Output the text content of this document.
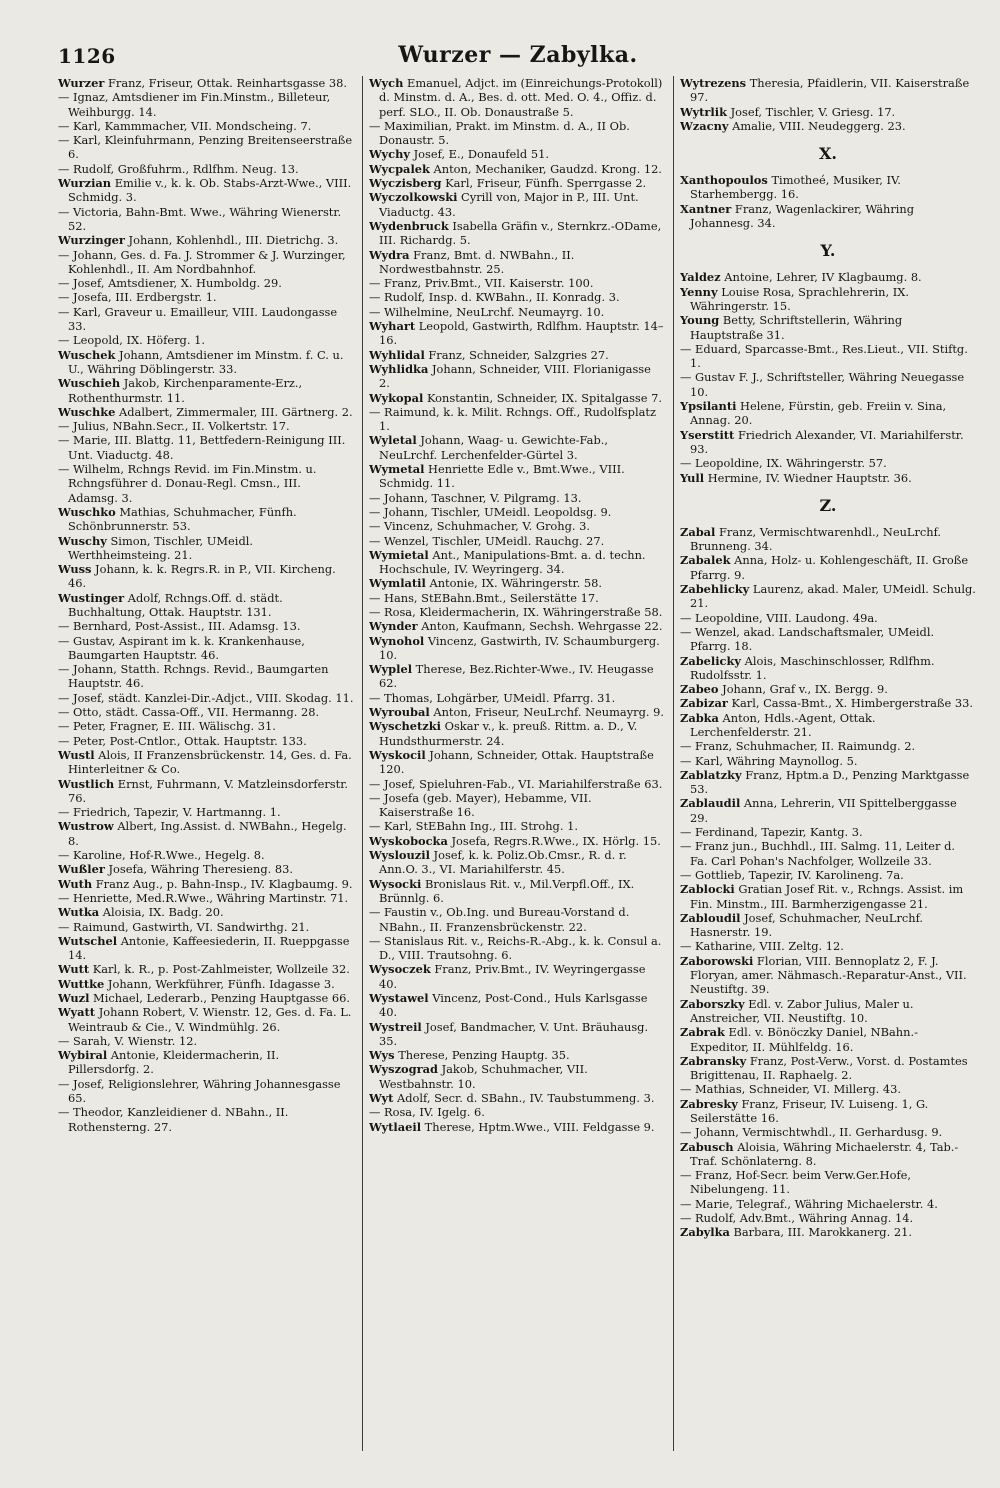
1126	Wurzer — Zabylka.

Wurzer Franz, Friseur, Ottak. Reinhartsgasse 38.

— Ignaz, Amtsdiener im Fin.Minstm., Billeteur, Weihburgg. 14.

— Karl, Kammmacher, VII. Mondscheing. 7.

— Karl, Kleinfuhrmann, Penzing Breitenseerstraße 6.

— Rudolf, Großfuhrm., Rdlfhm. Neug. 13.

Wurzian Emilie v., k. k. Ob. Stabs-Arzt-Wwe., VIII. Schmidg. 3.

— Victoria, Bahn-Bmt. Wwe., Währing Wienerstr. 52.

Wurzinger Johann, Kohlenhdl., III. Dietrichg. 3.

— Johann, Ges. d. Fa. J. Strommer & J. Wurzinger, Kohlenhdl., II. Am Nordbahnhof.

— Josef, Amtsdiener, X. Humboldg. 29.

— Josefa, III. Erdbergstr. 1.

— Karl, Graveur u. Emailleur, VIII. Laudongasse 33.

— Leopold, IX. Höferg. 1.

Wuschek Johann, Amtsdiener im Minstm. f. C. u. U., Währing Döblingerstr. 33.

Wuschieh Jakob, Kirchenparamente-Erz., Rothenthurmstr. 11.

Wuschke Adalbert, Zimmermaler, III. Gärtnerg. 2.

— Julius, NBahn.Secr., II. Volkertstr. 17.

— Marie, III. Blattg. 11, Bettfedern-Reinigung III. Unt. Viaductg. 48.

— Wilhelm, Rchngs Revid. im Fin.Minstm. u. Rchngsführer d. Donau-Regl. Cmsn., III. Adamsg. 3.

Wuschko Mathias, Schuhmacher, Fünfh. Schönbrunnerstr. 53.

Wuschy Simon, Tischler, UMeidl. Werthheimsteing. 21.

Wuss Johann, k. k. Regrs.R. in P., VII. Kircheng. 46.

Wustinger Adolf, Rchngs.Off. d. städt. Buchhaltung, Ottak. Hauptstr. 131.

— Bernhard, Post-Assist., III. Adamsg. 13.

— Gustav, Aspirant im k. k. Krankenhause, Baumgarten Hauptstr. 46.

— Johann, Statth. Rchngs. Revid., Baumgarten Hauptstr. 46.

— Josef, städt. Kanzlei-Dir.-Adjct., VIII. Skodag. 11.

— Otto, städt. Cassa-Off., VII. Hermanng. 28.

— Peter, Fragner, E. III. Wälischg. 31.

— Peter, Post-Cntlor., Ottak. Hauptstr. 133.

Wustl Alois, II Franzensbrückenstr. 14, Ges. d. Fa. Hinterleitner & Co.

Wustlich Ernst, Fuhrmann, V. Matzleinsdorferstr. 76.

— Friedrich, Tapezir, V. Hartmanng. 1.

Wustrow Albert, Ing.Assist. d. NWBahn., Hegelg. 8.

— Karoline, Hof-R.Wwe., Hegelg. 8.

Wußler Josefa, Währing Theresieng. 83.

Wuth Franz Aug., p. Bahn-Insp., IV. Klagbaumg. 9.

— Henriette, Med.R.Wwe., Währing Martinstr. 71.

Wutka Aloisia, IX. Badg. 20.

— Raimund, Gastwirth, VI. Sandwirthg. 21.

Wutschel Antonie, Kaffeesiederin, II. Rueppgasse 14.

Wutt Karl, k. R., p. Post-Zahlmeister, Wollzeile 32.

Wuttke Johann, Werkführer, Fünfh. Idagasse 3.

Wuzl Michael, Lederarb., Penzing Hauptgasse 66.

Wyatt Johann Robert, V. Wienstr. 12, Ges. d. Fa. L. Weintraub & Cie., V. Windmühlg. 26.

— Sarah, V. Wienstr. 12.

Wybiral Antonie, Kleidermacherin, II. Pillersdorfg. 2.

— Josef, Religionslehrer, Währing Johannesgasse 65.

— Theodor, Kanzleidiener d. NBahn., II. Rothensterng. 27.

Wych Emanuel, Adjct. im (Einreichungs-Protokoll) d. Minstm. d. A., Bes. d. ott. Med. O. 4., Offiz. d. perf. SLO., II. Ob. Donaustraße 5.

— Maximilian, Prakt. im Minstm. d. A., II Ob. Donaustr. 5.

Wychy Josef, E., Donaufeld 51.

Wycpalek Anton, Mechaniker, Gaudzd. Krong. 12.

Wyczisberg Karl, Friseur, Fünfh. Sperrgasse 2.

Wyczolkowski Cyrill von, Major in P., III. Unt. Viaductg. 43.

Wydenbruck Isabella Gräfin v., Sternkrz.-ODame, III. Richardg. 5.

Wydra Franz, Bmt. d. NWBahn., II. Nordwestbahnstr. 25.

— Franz, Priv.Bmt., VII. Kaiserstr. 100.

— Rudolf, Insp. d. KWBahn., II. Konradg. 3.

— Wilhelmine, NeuLrchf. Neumayrg. 10.

Wyhart Leopold, Gastwirth, Rdlfhm. Hauptstr. 14–16.

Wyhlidal Franz, Schneider, Salzgries 27.

Wyhlidka Johann, Schneider, VIII. Florianigasse 2.

Wykopal Konstantin, Schneider, IX. Spitalgasse 7.

— Raimund, k. k. Milit. Rchngs. Off., Rudolfsplatz 1.

Wyletal Johann, Waag- u. Gewichte-Fab., NeuLrchf. Lerchenfelder-Gürtel 3.

Wymetal Henriette Edle v., Bmt.Wwe., VIII. Schmidg. 11.

— Johann, Taschner, V. Pilgramg. 13.

— Johann, Tischler, UMeidl. Leopoldsg. 9.

— Vincenz, Schuhmacher, V. Grohg. 3.

— Wenzel, Tischler, UMeidl. Rauchg. 27.

Wymietal Ant., Manipulations-Bmt. a. d. techn. Hochschule, IV. Weyringerg. 34.

Wymlatil Antonie, IX. Währingerstr. 58.

— Hans, StEBahn.Bmt., Seilerstätte 17.

— Rosa, Kleidermacherin, IX. Währingerstraße 58.

Wynder Anton, Kaufmann, Sechsh. Wehrgasse 22.

Wynohol Vincenz, Gastwirth, IV. Schaumburgerg. 10.

Wyplel Therese, Bez.Richter-Wwe., IV. Heugasse 62.

— Thomas, Lohgärber, UMeidl. Pfarrg. 31.

Wyroubal Anton, Friseur, NeuLrchf. Neumayrg. 9.

Wyschetzki Oskar v., k. preuß. Rittm. a. D., V. Hundsthurmerstr. 24.

Wyskocil Johann, Schneider, Ottak. Hauptstraße 120.

— Josef, Spieluhren-Fab., VI. Mariahilferstraße 63.

— Josefa (geb. Mayer), Hebamme, VII. Kaiserstraße 16.

— Karl, StEBahn Ing., III. Strohg. 1.

Wyskobocka Josefa, Regrs.R.Wwe., IX. Hörlg. 15.

Wyslouzil Josef, k. k. Poliz.Ob.Cmsr., R. d. r. Ann.O. 3., VI. Mariahilferstr. 45.

Wysocki Bronislaus Rit. v., Mil.Verpfl.Off., IX. Brünnlg. 6.

— Faustin v., Ob.Ing. und Bureau-Vorstand d. NBahn., II. Franzensbrückenstr. 22.

— Stanislaus Rit. v., Reichs-R.-Abg., k. k. Consul a. D., VIII. Trautsohng. 6.

Wysoczek Franz, Priv.Bmt., IV. Weyringergasse 40.

Wystawel Vincenz, Post-Cond., Huls Karlsgasse 40.

Wystreil Josef, Bandmacher, V. Unt. Bräuhausg. 35.

Wys Therese, Penzing Hauptg. 35.

Wyszograd Jakob, Schuhmacher, VII. Westbahnstr. 10.

Wyt Adolf, Secr. d. SBahn., IV. Taubstummeng. 3.

— Rosa, IV. Igelg. 6.

Wytlaeil Therese, Hptm.Wwe., VIII. Feldgasse 9.

Wytrezens Theresia, Pfaidlerin, VII. Kaiserstraße 97.

Wytrlik Josef, Tischler, V. Griesg. 17.

Wzacny Amalie, VIII. Neudeggerg. 23.

X.

Xanthopoulos Timotheé, Musiker, IV. Starhembergg. 16.

Xantner Franz, Wagenlackirer, Währing Johannesg. 34.

Y.

Yaldez Antoine, Lehrer, IV Klagbaumg. 8.

Yenny Louise Rosa, Sprachlehrerin, IX. Währingerstr. 15.

Young Betty, Schriftstellerin, Währing Hauptstraße 31.

— Eduard, Sparcasse-Bmt., Res.Lieut., VII. Stiftg. 1.

— Gustav F. J., Schriftsteller, Währing Neuegasse 10.

Ypsilanti Helene, Fürstin, geb. Freiin v. Sina, Annag. 20.

Yserstitt Friedrich Alexander, VI. Mariahilferstr. 93.

— Leopoldine, IX. Währingerstr. 57.

Yull Hermine, IV. Wiedner Hauptstr. 36.

Z.

Zabal Franz, Vermischtwarenhdl., NeuLrchf. Brunneng. 34.

Zabalek Anna, Holz- u. Kohlengeschäft, II. Große Pfarrg. 9.

Zabehlicky Laurenz, akad. Maler, UMeidl. Schulg. 21.

— Leopoldine, VIII. Laudong. 49a.

— Wenzel, akad. Landschaftsmaler, UMeidl. Pfarrg. 18.

Zabelicky Alois, Maschinschlosser, Rdlfhm. Rudolfsstr. 1.

Zabeo Johann, Graf v., IX. Bergg. 9.

Zabizar Karl, Cassa-Bmt., X. Himbergerstraße 33.

Zabka Anton, Hdls.-Agent, Ottak. Lerchenfelderstr. 21.

— Franz, Schuhmacher, II. Raimundg. 2.

— Karl, Währing Maynollog. 5.

Zablatzky Franz, Hptm.a D., Penzing Marktgasse 53.

Zablaudil Anna, Lehrerin, VII Spittelberggasse 29.

— Ferdinand, Tapezir, Kantg. 3.

— Franz jun., Buchhdl., III. Salmg. 11, Leiter d. Fa. Carl Pohan's Nachfolger, Wollzeile 33.

— Gottlieb, Tapezir, IV. Karolineng. 7a.

Zablocki Gratian Josef Rit. v., Rchngs. Assist. im Fin. Minstm., III. Barmherzigengasse 21.

Zabloudil Josef, Schuhmacher, NeuLrchf. Hasnerstr. 19.

— Katharine, VIII. Zeltg. 12.

Zaborowski Florian, VIII. Bennoplatz 2, F. J. Floryan, amer. Nähmasch.-Reparatur-Anst., VII. Neustiftg. 39.

Zaborszky Edl. v. Zabor Julius, Maler u. Anstreicher, VII. Neustiftg. 10.

Zabrak Edl. v. Bönöczky Daniel, NBahn.-Expeditor, II. Mühlfeldg. 16.

Zabransky Franz, Post-Verw., Vorst. d. Postamtes Brigittenau, II. Raphaelg. 2.

— Mathias, Schneider, VI. Millerg. 43.

Zabresky Franz, Friseur, IV. Luiseng. 1, G. Seilerstätte 16.

— Johann, Vermischtwhdl., II. Gerhardusg. 9.

Zabusch Aloisia, Währing Michaelerstr. 4, Tab.-Traf. Schönlaterng. 8.

— Franz, Hof-Secr. beim Verw.Ger.Hofe, Nibelungeng. 11.

— Marie, Telegraf., Währing Michaelerstr. 4.

— Rudolf, Adv.Bmt., Währing Annag. 14.

Zabylka Barbara, III. Marokkanerg. 21.
